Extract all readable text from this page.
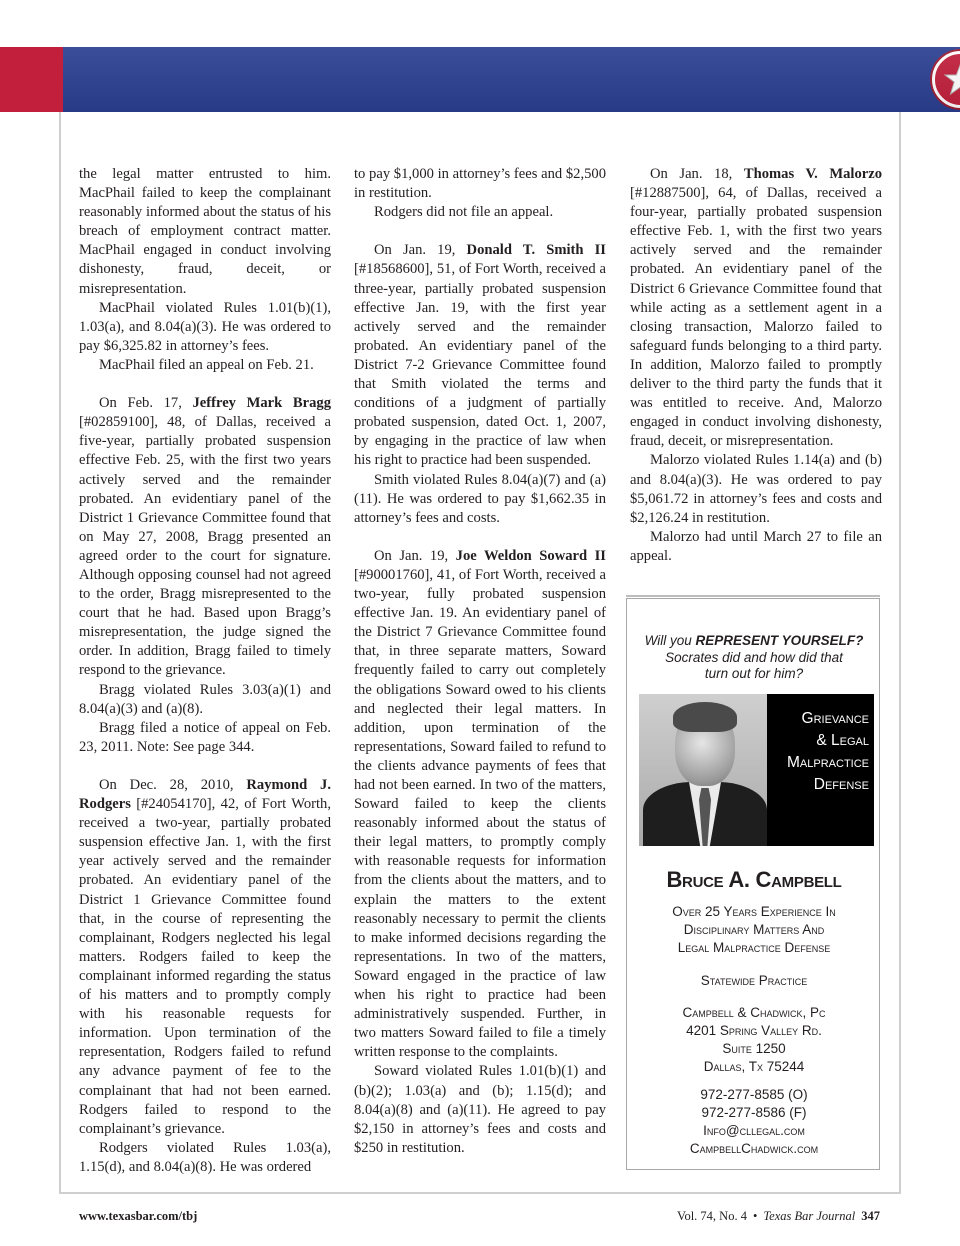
the legal matter entrusted to him. MacPhail failed to keep the complainant reasonably informed about the status of his breach of employment contract matter. MacPhail engaged in conduct involving dishonesty, fraud, deceit, or misrepresentation.

MacPhail violated Rules 1.01(b)(1), 1.03(a), and 8.04(a)(3). He was ordered to pay $6,325.82 in attorney’s fees.

MacPhail filed an appeal on Feb. 21.

On Feb. 17, Jeffrey Mark Bragg [#02859100], 48, of Dallas, received a five-year, partially probated suspension effective Feb. 25, with the first two years actively served and the remainder probated. An evidentiary panel of the District 1 Grievance Committee found that on May 27, 2008, Bragg presented an agreed order to the court for signature. Although opposing counsel had not agreed to the order, Bragg misrepresented to the court that he had. Based upon Bragg’s misrepresentation, the judge signed the order. In addition, Bragg failed to timely respond to the grievance.

Bragg violated Rules 3.03(a)(1) and 8.04(a)(3) and (a)(8).

Bragg filed a notice of appeal on Feb. 23, 2011. Note: See page 344.

On Dec. 28, 2010, Raymond J. Rodgers [#24054170], 42, of Fort Worth, received a two-year, partially probated suspension effective Jan. 1, with the first year actively served and the remainder probated. An evidentiary panel of the District 1 Grievance Committee found that, in the course of representing the complainant, Rodgers neglected his legal matters. Rodgers failed to keep the complainant informed regarding the status of his matters and to promptly comply with his reasonable requests for information. Upon termination of the representation, Rodgers failed to refund any advance payment of fee to the complainant that had not been earned. Rodgers failed to respond to the complainant’s grievance.

Rodgers violated Rules 1.03(a), 1.15(d), and 8.04(a)(8). He was ordered

to pay $1,000 in attorney’s fees and $2,500 in restitution.

Rodgers did not file an appeal.

On Jan. 19, Donald T. Smith II [#18568600], 51, of Fort Worth, received a three-year, partially probated suspension effective Jan. 19, with the first year actively served and the remainder probated. An evidentiary panel of the District 7-2 Grievance Committee found that Smith violated the terms and conditions of a judgment of partially probated suspension, dated Oct. 1, 2007, by engaging in the practice of law when his right to practice had been suspended.

Smith violated Rules 8.04(a)(7) and (a)(11). He was ordered to pay $1,662.35 in attorney’s fees and costs.

On Jan. 19, Joe Weldon Soward II [#90001760], 41, of Fort Worth, received a two-year, fully probated suspension effective Jan. 19. An evidentiary panel of the District 7 Grievance Committee found that, in three separate matters, Soward frequently failed to carry out completely the obligations Soward owed to his clients and neglected their legal matters. In addition, upon termination of the representations, Soward failed to refund to the clients advance payments of fees that had not been earned. In two of the matters, Soward failed to keep the clients reasonably informed about the status of their legal matters, to promptly comply with reasonable requests for information from the clients about the matters, and to explain the matters to the extent reasonably necessary to permit the clients to make informed decisions regarding the representations. In two of the matters, Soward engaged in the practice of law when his right to practice had been administratively suspended. Further, in two matters Soward failed to file a timely written response to the complaints.

Soward violated Rules 1.01(b)(1) and (b)(2); 1.03(a) and (b); 1.15(d); and 8.04(a)(8) and (a)(11). He agreed to pay $2,150 in attorney’s fees and costs and $250 in restitution.

On Jan. 18, Thomas V. Malorzo [#12887500], 64, of Dallas, received a four-year, partially probated suspension effective Feb. 1, with the first two years actively served and the remainder probated. An evidentiary panel of the District 6 Grievance Committee found that while acting as a settlement agent in a closing transaction, Malorzo failed to safeguard funds belonging to a third party. In addition, Malorzo failed to promptly deliver to the third party the funds that it was entitled to receive. And, Malorzo engaged in conduct involving dishonesty, fraud, deceit, or misrepresentation.

Malorzo violated Rules 1.14(a) and (b) and 8.04(a)(3). He was ordered to pay $5,061.72 in attorney’s fees and costs and $2,126.24 in restitution.

Malorzo had until March 27 to file an appeal.

Will you REPRESENT YOURSELF?
Socrates did and how did that
turn out for him?
Grievance
& Legal
Malpractice
Defense
Bruce A. Campbell
Over 25 Years Experience In
Disciplinary Matters And
Legal Malpractice Defense
Statewide Practice
Campbell & Chadwick, Pc
4201 Spring Valley Rd.
Suite 1250
Dallas, Tx 75244
972-277-8585 (O)
972-277-8586 (F)
Info@cllegal.com
CampbellChadwick.com
www.texasbar.com/tbj	Vol. 74, No. 4 • Texas Bar Journal 347
